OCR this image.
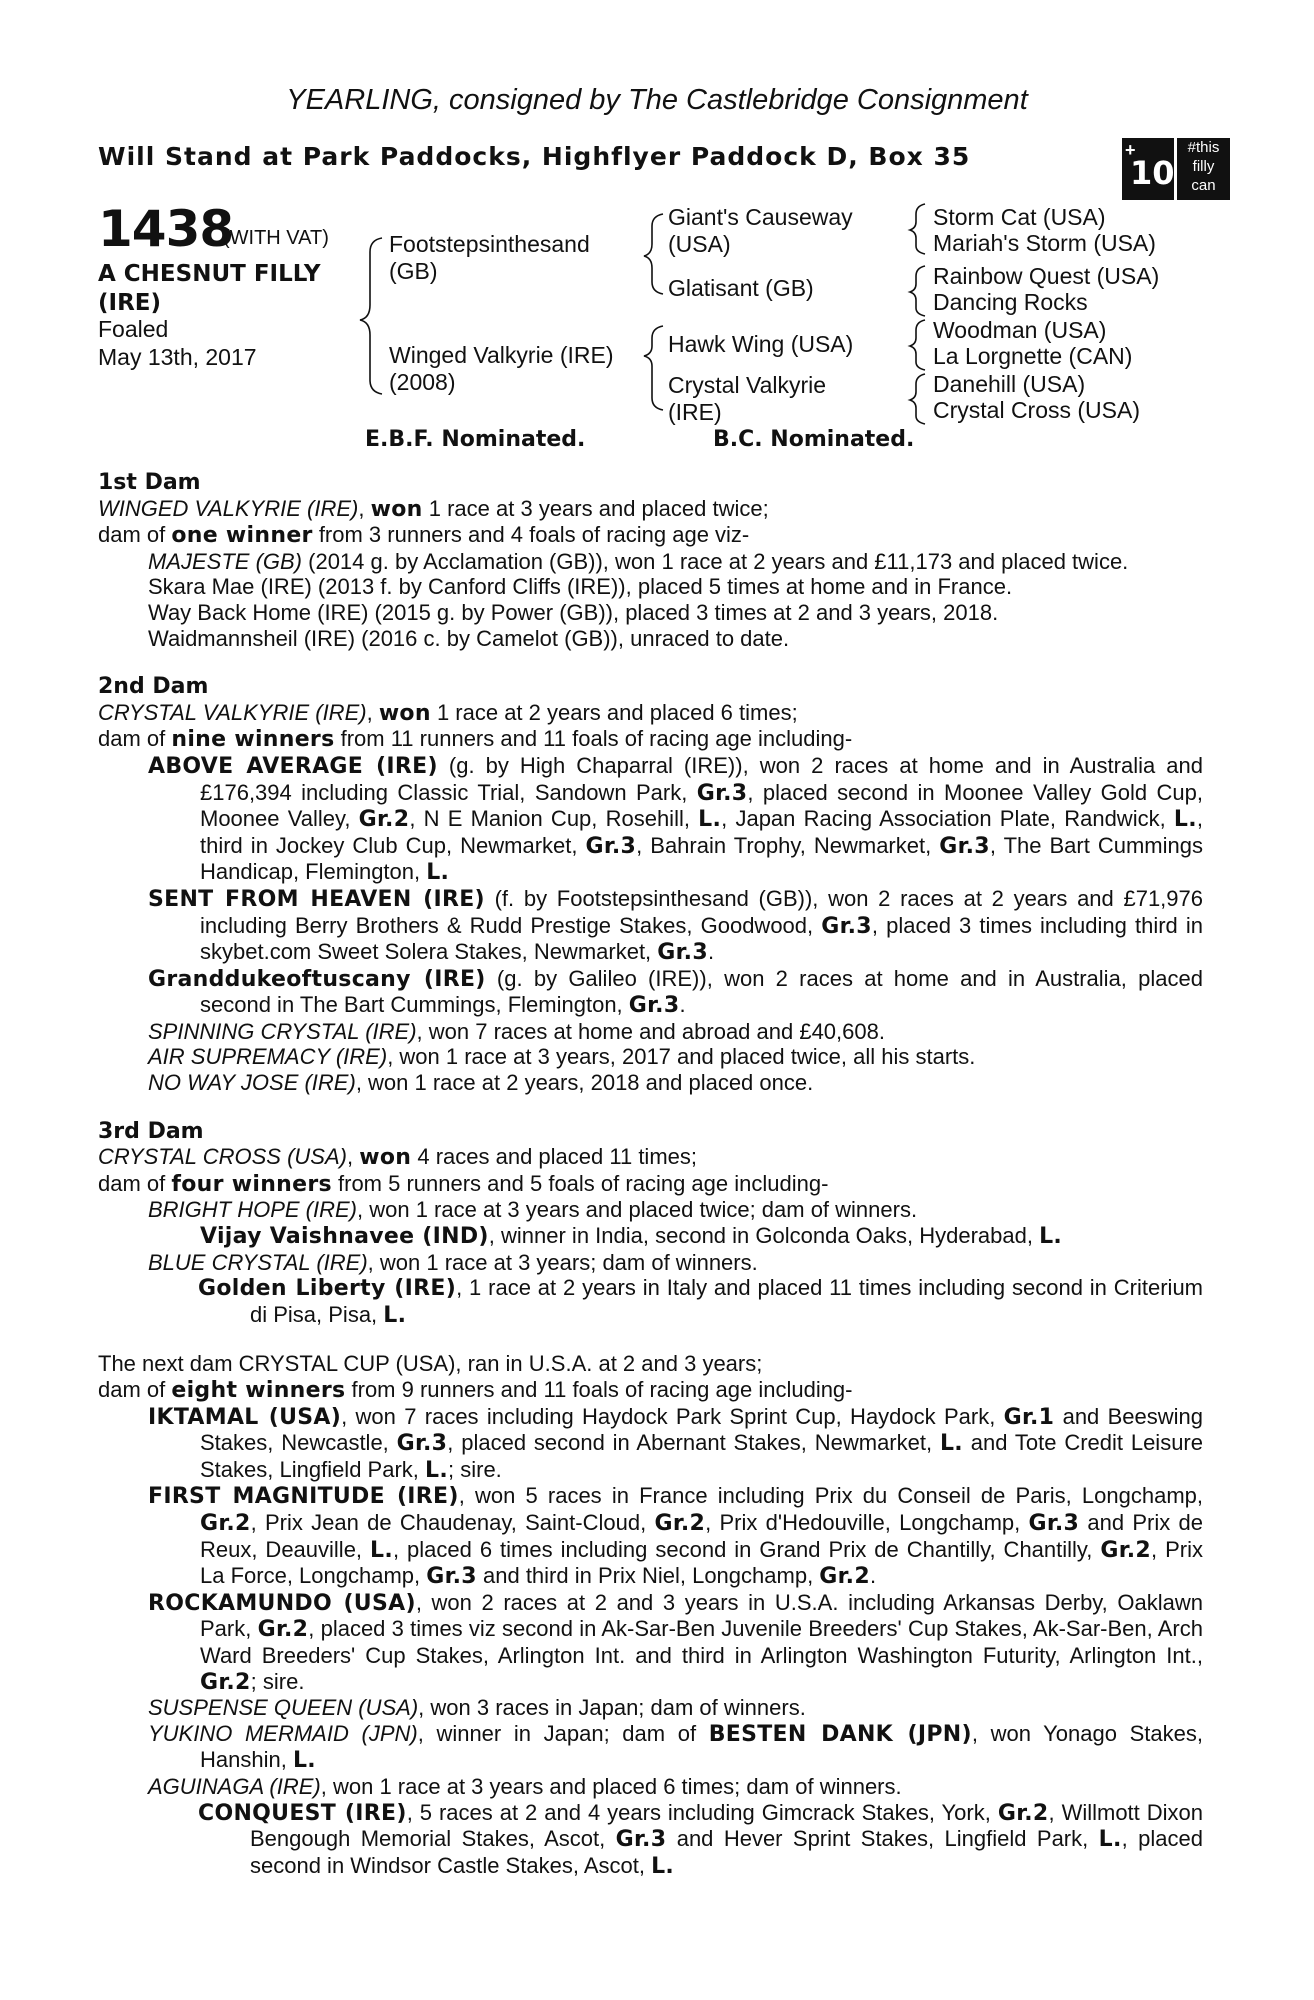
YEARLING, consigned by The Castlebridge Consignment
Will Stand at Park Paddocks, Highflyer Paddock D, Box 35	+
10
#this
filly
can
1438
(WITH VAT)
A CHESNUT FILLY
(IRE)
Foaled
May 13th, 2017
Footstepsinthesand
(GB)
Winged Valkyrie (IRE)
(2008)
Giant's Causeway
(USA)
Glatisant (GB)
Hawk Wing (USA)
Crystal Valkyrie
(IRE)
Storm Cat (USA)
Mariah's Storm (USA)
Rainbow Quest (USA)
Dancing Rocks
Woodman (USA)
La Lorgnette (CAN)
Danehill (USA)
Crystal Cross (USA)
E.B.F. Nominated.	B.C. Nominated.

1st Dam

WINGED VALKYRIE (IRE), won 1 race at 3 years and placed twice;

dam of one winner from 3 runners and 4 foals of racing age viz-

MAJESTE (GB) (2014 g. by Acclamation (GB)), won 1 race at 2 years and £11,173 and placed twice.

Skara Mae (IRE) (2013 f. by Canford Cliffs (IRE)), placed 5 times at home and in France.

Way Back Home (IRE) (2015 g. by Power (GB)), placed 3 times at 2 and 3 years, 2018.

Waidmannsheil (IRE) (2016 c. by Camelot (GB)), unraced to date.

2nd Dam

CRYSTAL VALKYRIE (IRE), won 1 race at 2 years and placed 6 times;

dam of nine winners from 11 runners and 11 foals of racing age including-

ABOVE AVERAGE (IRE) (g. by High Chaparral (IRE)), won 2 races at home and in Australia and £176,394 including Classic Trial, Sandown Park, Gr.3, placed second in Moonee Valley Gold Cup, Moonee Valley, Gr.2, N E Manion Cup, Rosehill, L., Japan Racing Association Plate, Randwick, L., third in Jockey Club Cup, Newmarket, Gr.3, Bahrain Trophy, Newmarket, Gr.3, The Bart Cummings Handicap, Flemington, L.

SENT FROM HEAVEN (IRE) (f. by Footstepsinthesand (GB)), won 2 races at 2 years and £71,976 including Berry Brothers & Rudd Prestige Stakes, Goodwood, Gr.3, placed 3 times including third in skybet.com Sweet Solera Stakes, Newmarket, Gr.3.

Granddukeoftuscany (IRE) (g. by Galileo (IRE)), won 2 races at home and in Australia, placed second in The Bart Cummings, Flemington, Gr.3.

SPINNING CRYSTAL (IRE), won 7 races at home and abroad and £40,608.

AIR SUPREMACY (IRE), won 1 race at 3 years, 2017 and placed twice, all his starts.

NO WAY JOSE (IRE), won 1 race at 2 years, 2018 and placed once.

3rd Dam

CRYSTAL CROSS (USA), won 4 races and placed 11 times;

dam of four winners from 5 runners and 5 foals of racing age including-

BRIGHT HOPE (IRE), won 1 race at 3 years and placed twice; dam of winners.

Vijay Vaishnavee (IND), winner in India, second in Golconda Oaks, Hyderabad, L.

BLUE CRYSTAL (IRE), won 1 race at 3 years; dam of winners.

Golden Liberty (IRE), 1 race at 2 years in Italy and placed 11 times including second in Criterium di Pisa, Pisa, L.

The next dam CRYSTAL CUP (USA), ran in U.S.A. at 2 and 3 years;

dam of eight winners from 9 runners and 11 foals of racing age including-

IKTAMAL (USA), won 7 races including Haydock Park Sprint Cup, Haydock Park, Gr.1 and Beeswing Stakes, Newcastle, Gr.3, placed second in Abernant Stakes, Newmarket, L. and Tote Credit Leisure Stakes, Lingfield Park, L.; sire.

FIRST MAGNITUDE (IRE), won 5 races in France including Prix du Conseil de Paris, Longchamp, Gr.2, Prix Jean de Chaudenay, Saint-Cloud, Gr.2, Prix d'Hedouville, Longchamp, Gr.3 and Prix de Reux, Deauville, L., placed 6 times including second in Grand Prix de Chantilly, Chantilly, Gr.2, Prix La Force, Longchamp, Gr.3 and third in Prix Niel, Longchamp, Gr.2.

ROCKAMUNDO (USA), won 2 races at 2 and 3 years in U.S.A. including Arkansas Derby, Oaklawn Park, Gr.2, placed 3 times viz second in Ak-Sar-Ben Juvenile Breeders' Cup Stakes, Ak-Sar-Ben, Arch Ward Breeders' Cup Stakes, Arlington Int. and third in Arlington Washington Futurity, Arlington Int., Gr.2; sire.

SUSPENSE QUEEN (USA), won 3 races in Japan; dam of winners.

YUKINO MERMAID (JPN), winner in Japan; dam of BESTEN DANK (JPN), won Yonago Stakes, Hanshin, L.

AGUINAGA (IRE), won 1 race at 3 years and placed 6 times; dam of winners.

CONQUEST (IRE), 5 races at 2 and 4 years including Gimcrack Stakes, York, Gr.2, Willmott Dixon Bengough Memorial Stakes, Ascot, Gr.3 and Hever Sprint Stakes, Lingfield Park, L., placed second in Windsor Castle Stakes, Ascot, L.
